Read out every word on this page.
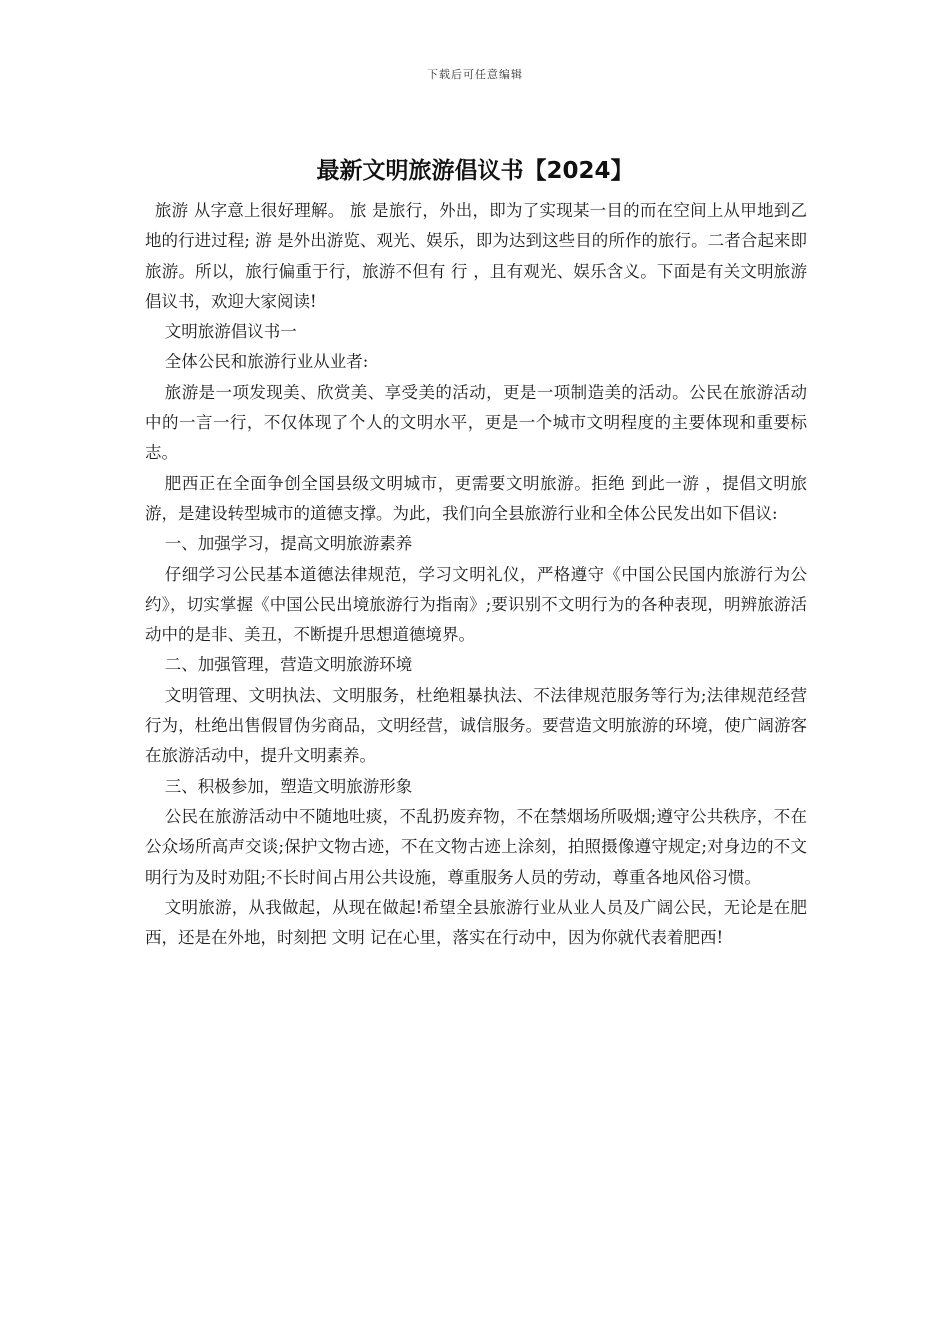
下载后可任意编辑
最新文明旅游倡议书【2024】

旅游 从字意上很好理解。 旅 是旅行，外出，即为了实现某一目的而在空间上从甲地到乙地的行进过程; 游 是外出游览、观光、娱乐，即为达到这些目的所作的旅行。二者合起来即旅游。所以，旅行偏重于行，旅游不但有 行 ，且有观光、娱乐含义。下面是有关文明旅游倡议书，欢迎大家阅读!

文明旅游倡议书一

全体公民和旅游行业从业者:

旅游是一项发现美、欣赏美、享受美的活动，更是一项制造美的活动。公民在旅游活动中的一言一行，不仅体现了个人的文明水平，更是一个城市文明程度的主要体现和重要标志。

肥西正在全面争创全国县级文明城市，更需要文明旅游。拒绝 到此一游 ，提倡文明旅游，是建设转型城市的道德支撑。为此，我们向全县旅游行业和全体公民发出如下倡议:

一、加强学习，提高文明旅游素养

仔细学习公民基本道德法律规范，学习文明礼仪，严格遵守《中国公民国内旅游行为公约》，切实掌握《中国公民出境旅游行为指南》;要识别不文明行为的各种表现，明辨旅游活动中的是非、美丑，不断提升思想道德境界。

二、加强管理，营造文明旅游环境

文明管理、文明执法、文明服务，杜绝粗暴执法、不法律规范服务等行为;法律规范经营行为，杜绝出售假冒伪劣商品，文明经营，诚信服务。要营造文明旅游的环境，使广阔游客在旅游活动中，提升文明素养。

三、积极参加，塑造文明旅游形象

公民在旅游活动中不随地吐痰，不乱扔废弃物，不在禁烟场所吸烟;遵守公共秩序，不在公众场所高声交谈;保护文物古迹，不在文物古迹上涂刻，拍照摄像遵守规定;对身边的不文明行为及时劝阻;不长时间占用公共设施，尊重服务人员的劳动，尊重各地风俗习惯。

文明旅游，从我做起，从现在做起!希望全县旅游行业从业人员及广阔公民，无论是在肥西，还是在外地，时刻把 文明 记在心里，落实在行动中，因为你就代表着肥西!
